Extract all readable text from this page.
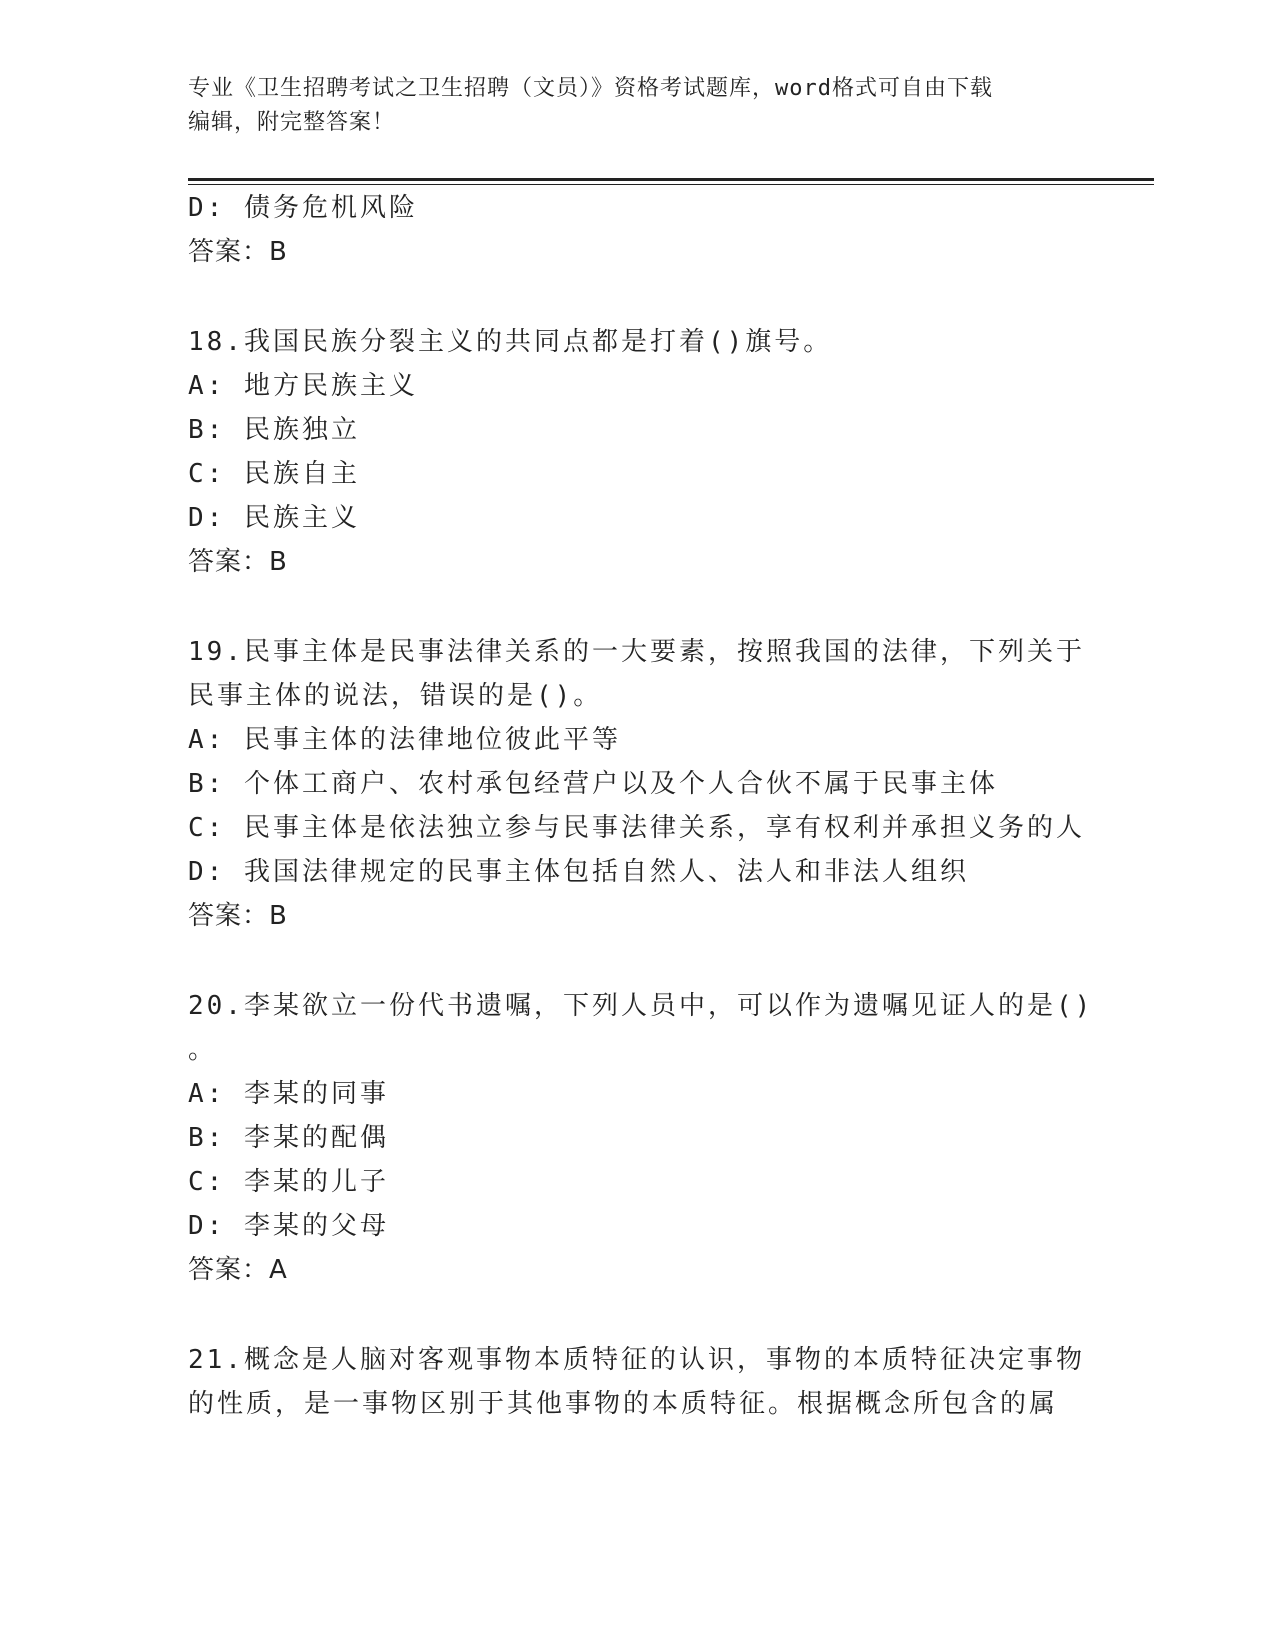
专业《卫生招聘考试之卫生招聘（文员）》资格考试题库，word格式可自由下载
编辑，附完整答案！
D: 债务危机风险
答案：B
18.我国民族分裂主义的共同点都是打着()旗号。
A: 地方民族主义
B: 民族独立
C: 民族自主
D: 民族主义
答案：B
19.民事主体是民事法律关系的一大要素，按照我国的法律，下列关于
民事主体的说法，错误的是()。
A: 民事主体的法律地位彼此平等
B: 个体工商户、农村承包经营户以及个人合伙不属于民事主体
C: 民事主体是依法独立参与民事法律关系，享有权利并承担义务的人
D: 我国法律规定的民事主体包括自然人、法人和非法人组织
答案：B
20.李某欲立一份代书遗嘱，下列人员中，可以作为遗嘱见证人的是()
。
A: 李某的同事
B: 李某的配偶
C: 李某的儿子
D: 李某的父母
答案：A
21.概念是人脑对客观事物本质特征的认识，事物的本质特征决定事物
的性质，是一事物区别于其他事物的本质特征。根据概念所包含的属
